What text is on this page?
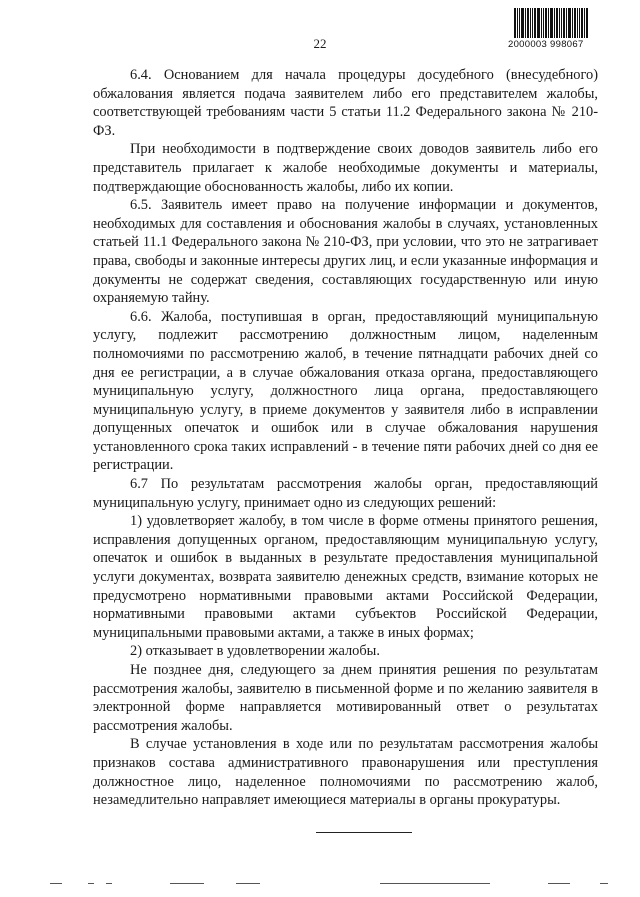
22	2000003 998067

6.4. Основанием для начала процедуры досудебного (внесудебного) обжалования является подача заявителем либо его представителем жалобы, соответствующей требованиям части 5 статьи 11.2 Федерального закона № 210-ФЗ.

При необходимости в подтверждение своих доводов заявитель либо его представитель прилагает к жалобе необходимые документы и материалы, подтверждающие обоснованность жалобы, либо их копии.

6.5. Заявитель имеет право на получение информации и документов, необходимых для составления и обоснования жалобы в случаях, установленных статьей 11.1 Федерального закона № 210-ФЗ, при условии, что это не затрагивает права, свободы и законные интересы других лиц, и если указанные информация и документы не содержат сведения, составляющих государственную или иную охраняемую тайну.

6.6. Жалоба, поступившая в орган, предоставляющий муниципальную услугу, подлежит рассмотрению должностным лицом, наделенным полномочиями по рассмотрению жалоб, в течение пятнадцати рабочих дней со дня ее регистрации, а в случае обжалования отказа органа, предоставляющего муниципальную услугу, должностного лица органа, предоставляющего муниципальную услугу, в приеме документов у заявителя либо в исправлении допущенных опечаток и ошибок или в случае обжалования нарушения установленного срока таких исправлений - в течение пяти рабочих дней со дня ее регистрации.

6.7 По результатам рассмотрения жалобы орган, предоставляющий муниципальную услугу, принимает одно из следующих решений:

1) удовлетворяет жалобу, в том числе в форме отмены принятого решения, исправления допущенных органом, предоставляющим муниципальную услугу, опечаток и ошибок в выданных в результате предоставления муниципальной услуги документах, возврата заявителю денежных средств, взимание которых не предусмотрено нормативными правовыми актами Российской Федерации, нормативными правовыми актами субъектов Российской Федерации, муниципальными правовыми актами, а также в иных формах;

2) отказывает в удовлетворении жалобы.

Не позднее дня, следующего за днем принятия решения по результатам рассмотрения жалобы, заявителю в письменной форме и по желанию заявителя в электронной форме направляется мотивированный ответ о результатах рассмотрения жалобы.

В случае установления в ходе или по результатам рассмотрения жалобы признаков состава административного правонарушения или преступления должностное лицо, наделенное полномочиями по рассмотрению жалоб, незамедлительно направляет имеющиеся материалы в органы прокуратуры.
